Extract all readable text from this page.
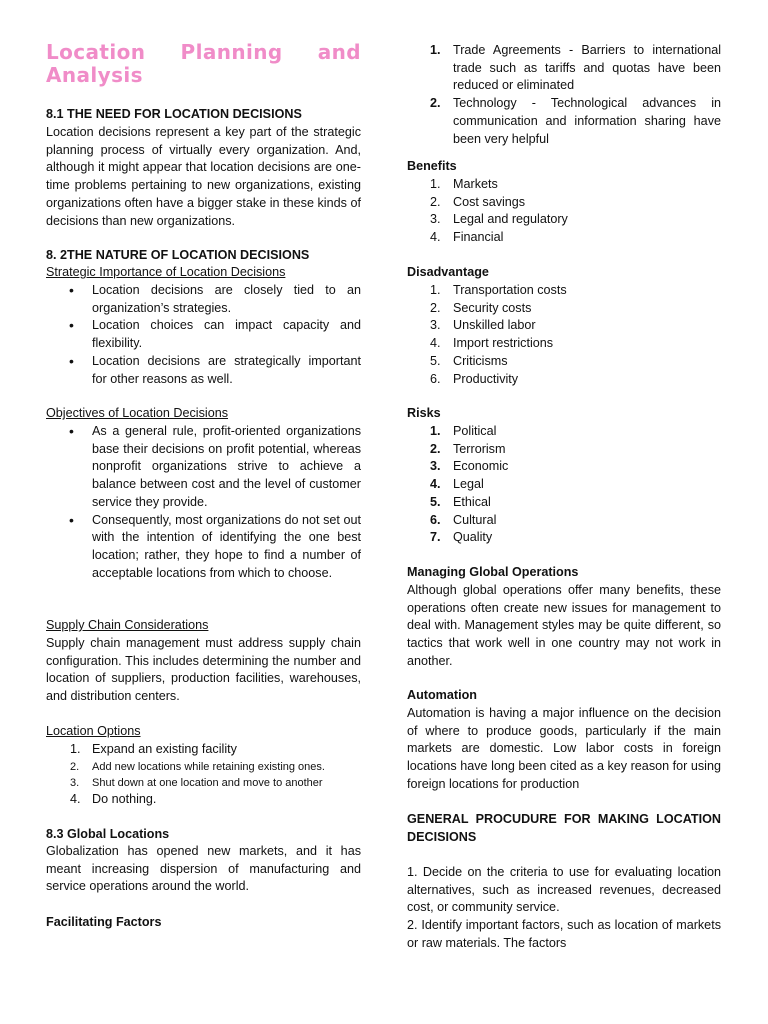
Location Planning and Analysis
8.1 THE NEED FOR LOCATION DECISIONS
Location decisions represent a key part of the strategic planning process of virtually every organization. And, although it might appear that location decisions are one-time problems pertaining to new organizations, existing organizations often have a bigger stake in these kinds of decisions than new organizations.
8. 2THE NATURE OF LOCATION DECISIONS
Strategic Importance of Location Decisions
• Location decisions are closely tied to an organization’s strategies.
• Location choices can impact capacity and flexibility.
• Location decisions are strategically important for other reasons as well.
Objectives of Location Decisions
• As a general rule, profit-oriented organizations base their decisions on profit potential, whereas nonprofit organizations strive to achieve a balance between cost and the level of customer service they provide.
• Consequently, most organizations do not set out with the intention of identifying the one best location; rather, they hope to find a number of acceptable locations from which to choose.
Supply Chain Considerations
Supply chain management must address supply chain configuration. This includes determining the number and location of suppliers, production facilities, warehouses, and distribution centers.
Location Options
1. Expand an existing facility
2. Add new locations while retaining existing ones.
3. Shut down at one location and move to another
4. Do nothing.
8.3 Global Locations
Globalization has opened new markets, and it has meant increasing dispersion of manufacturing and service operations around the world.
Facilitating Factors
1. Trade Agreements - Barriers to international trade such as tariffs and quotas have been reduced or eliminated
2. Technology - Technological advances in communication and information sharing have been very helpful
Benefits
1. Markets
2. Cost savings
3. Legal and regulatory
4. Financial
Disadvantage
1. Transportation costs
2. Security costs
3. Unskilled labor
4. Import restrictions
5. Criticisms
6. Productivity
Risks
1. Political
2. Terrorism
3. Economic
4. Legal
5. Ethical
6. Cultural
7. Quality
Managing Global Operations
Although global operations offer many benefits, these operations often create new issues for management to deal with. Management styles may be quite different, so tactics that work well in one country may not work in another.
Automation
Automation is having a major influence on the decision of where to produce goods, particularly if the main markets are domestic. Low labor costs in foreign locations have long been cited as a key reason for using foreign locations for production
GENERAL PROCUDURE FOR MAKING LOCATION DECISIONS
1. Decide on the criteria to use for evaluating location alternatives, such as increased revenues, decreased cost, or community service.
2. Identify important factors, such as location of markets or raw materials. The factors
